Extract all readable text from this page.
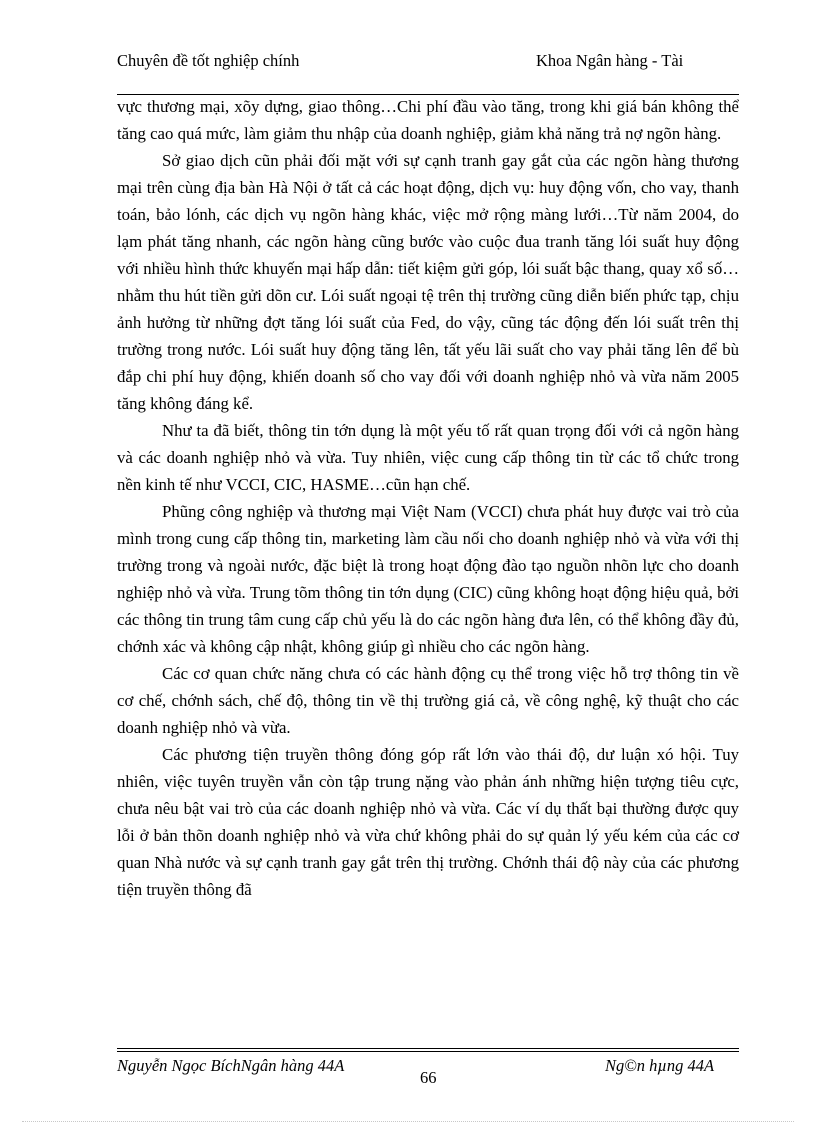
Chuyên đề tốt nghiệp chính	Khoa Ngân hàng - Tài

vực thương mại, xõy dựng, giao thông…Chi phí đầu vào tăng, trong khi giá bán không thể tăng cao quá mức, làm giảm thu nhập của doanh nghiệp, giảm khả năng trả nợ ngõn hàng.

Sở giao dịch cũn phải đối mặt với sự cạnh tranh gay gắt của các ngõn hàng thương mại trên cùng địa bàn Hà Nội ở tất cả các hoạt động, dịch vụ: huy động vốn, cho vay, thanh toán, bảo lónh, các dịch vụ ngõn hàng khác, việc mở rộng màng lưới…Từ năm 2004, do lạm phát tăng nhanh, các ngõn hàng cũng bước vào cuộc đua tranh tăng lói suất huy động với nhiều hình thức khuyến mại hấp dẫn: tiết kiệm gửi góp, lói suất bậc thang, quay xổ số…nhằm thu hút tiền gửi dõn cư. Lói suất ngoại tệ trên thị trường cũng diễn biến phức tạp, chịu ảnh hưởng từ những đợt tăng lói suất của Fed, do vậy, cũng tác động đến lói suất trên thị trường trong nước. Lói suất huy động tăng lên, tất yếu lãi suất cho vay phải tăng lên để bù đắp chi phí huy động, khiến doanh số cho vay đối với doanh nghiệp nhỏ và vừa năm 2005 tăng không đáng kể.

Như ta đã biết, thông tin tớn dụng là một yếu tố rất quan trọng đối với cả ngõn hàng và các doanh nghiệp nhỏ và vừa. Tuy nhiên, việc cung cấp thông tin từ các tổ chức trong nền kinh tế như VCCI, CIC, HASME…cũn hạn chế.

Phũng công nghiệp và thương mại Việt Nam (VCCI) chưa phát huy được vai trò của mình trong cung cấp thông tin, marketing làm cầu nối cho doanh nghiệp nhỏ và vừa với thị trường trong và ngoài nước, đặc biệt là trong hoạt động đào tạo nguồn nhõn lực cho doanh nghiệp nhỏ và vừa. Trung tõm thông tin tớn dụng (CIC) cũng không hoạt động hiệu quả, bởi các thông tin trung tâm cung cấp chủ yếu là do các ngõn hàng đưa lên, có thể không đầy đủ, chớnh xác và không cập nhật, không giúp gì nhiều cho các ngõn hàng.

Các cơ quan chức năng chưa có các hành động cụ thể trong việc hỗ trợ thông tin về cơ chế, chớnh sách, chế độ, thông tin về thị trường giá cả, về công nghệ, kỹ thuật cho các doanh nghiệp nhỏ và vừa.

Các phương tiện truyền thông đóng góp rất lớn vào thái độ, dư luận xó hội. Tuy nhiên, việc tuyên truyền vẫn còn tập trung nặng vào phản ánh những hiện tượng tiêu cực, chưa nêu bật vai trò của các doanh nghiệp nhỏ và vừa. Các ví dụ thất bại thường được quy lỗi ở bản thõn doanh nghiệp nhỏ và vừa chứ không phải do sự quản lý yếu kém của các cơ quan Nhà nước và sự cạnh tranh gay gắt trên thị trường. Chớnh thái độ này của các phương tiện truyền thông đã

Nguyễn Ngọc BíchNgân hàng 44A
66
Ng©n hµng 44A
